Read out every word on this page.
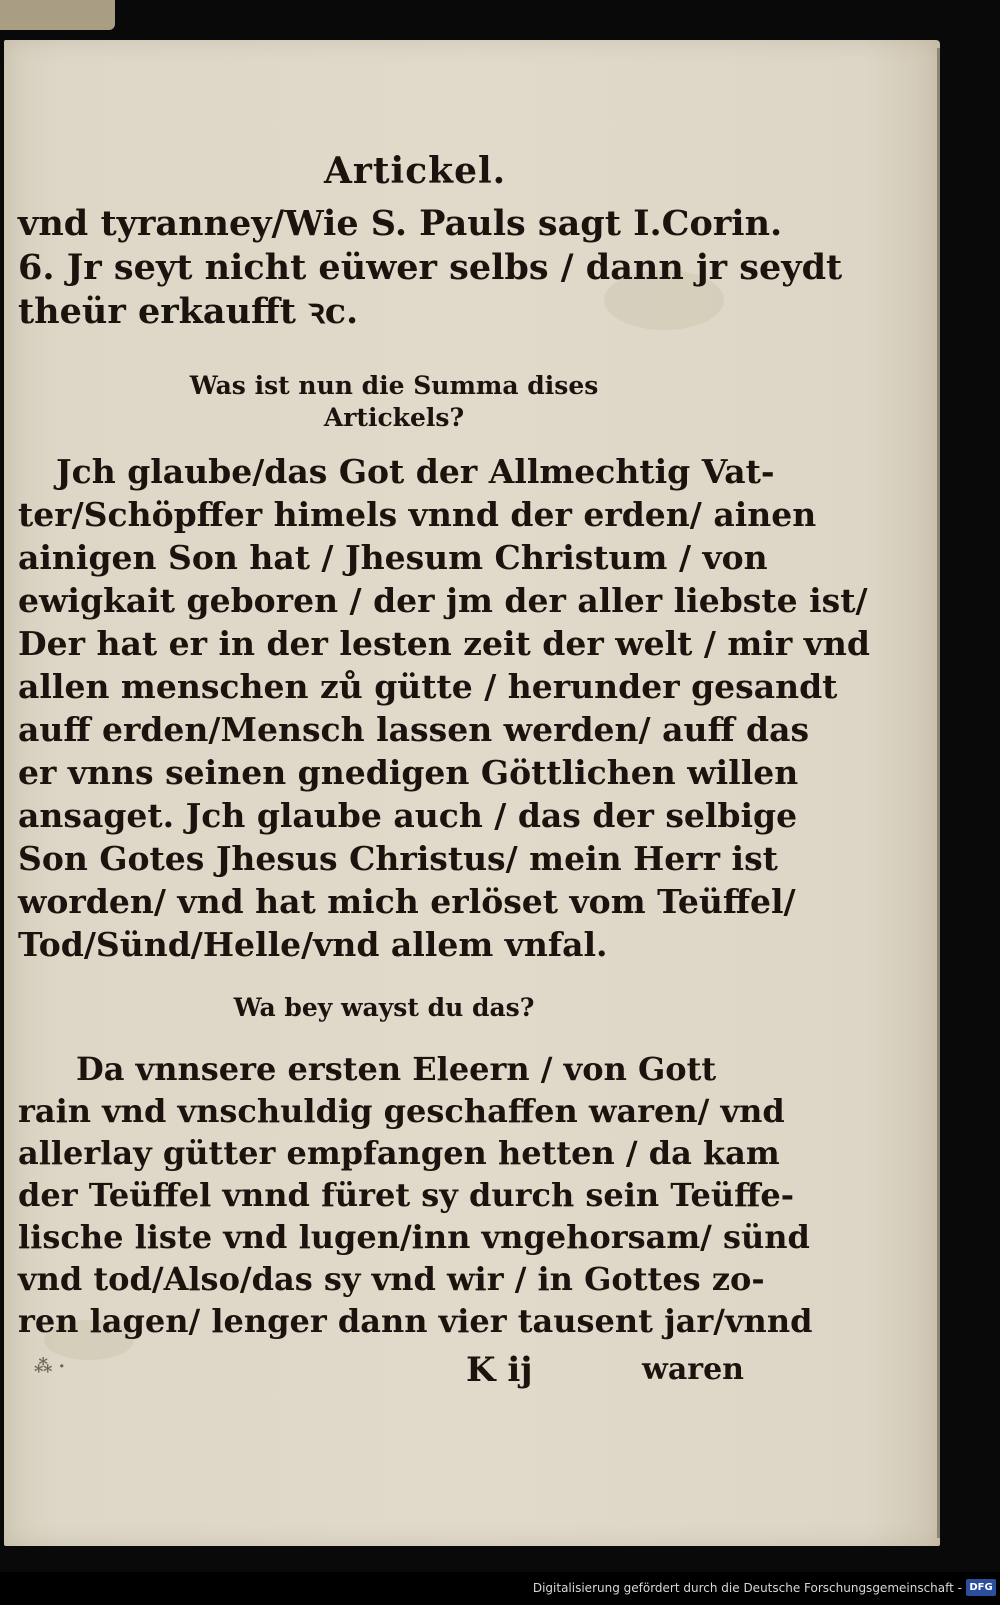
Artickel.
vnd tyranney/Wie S. Pauls sagt I.Corin.
6. Jr seyt nicht eüwer selbs / dann jr seydt
theür erkaufft ꝛc.
Was ist nun die Summa dises
Artickels?
Jch glaube/das Got der Allmechtig Vat-
ter/Schöpffer himels vnnd der erden/ ainen
ainigen Son hat / Jhesum Christum / von
ewigkait geboren / der jm der aller liebste ist/
Der hat er in der lesten zeit der welt / mir vnd
allen menschen zů gütte / herunder gesandt
auff erden/Mensch lassen werden/ auff das
er vnns seinen gnedigen Göttlichen willen
ansaget. Jch glaube auch / das der selbige
Son Gotes Jhesus Christus/ mein Herr ist
worden/ vnd hat mich erlöset vom Teüffel/
Tod/Sünd/Helle/vnd allem vnfal.
Wa bey wayst du das?
Da vnnsere ersten Eleern / von Gott
rain vnd vnschuldig geschaffen waren/ vnd
allerlay gütter empfangen hetten / da kam
der Teüffel vnnd füret sy durch sein Teüffe-
lische liste vnd lugen/inn vngehorsam/ sünd
vnd tod/Also/das sy vnd wir / in Gottes zo-
ren lagen/ lenger dann vier tausent jar/vnnd
⁂ ·	K ij	waren
Digitalisierung gefördert durch die Deutsche Forschungsgemeinschaft - DFG
